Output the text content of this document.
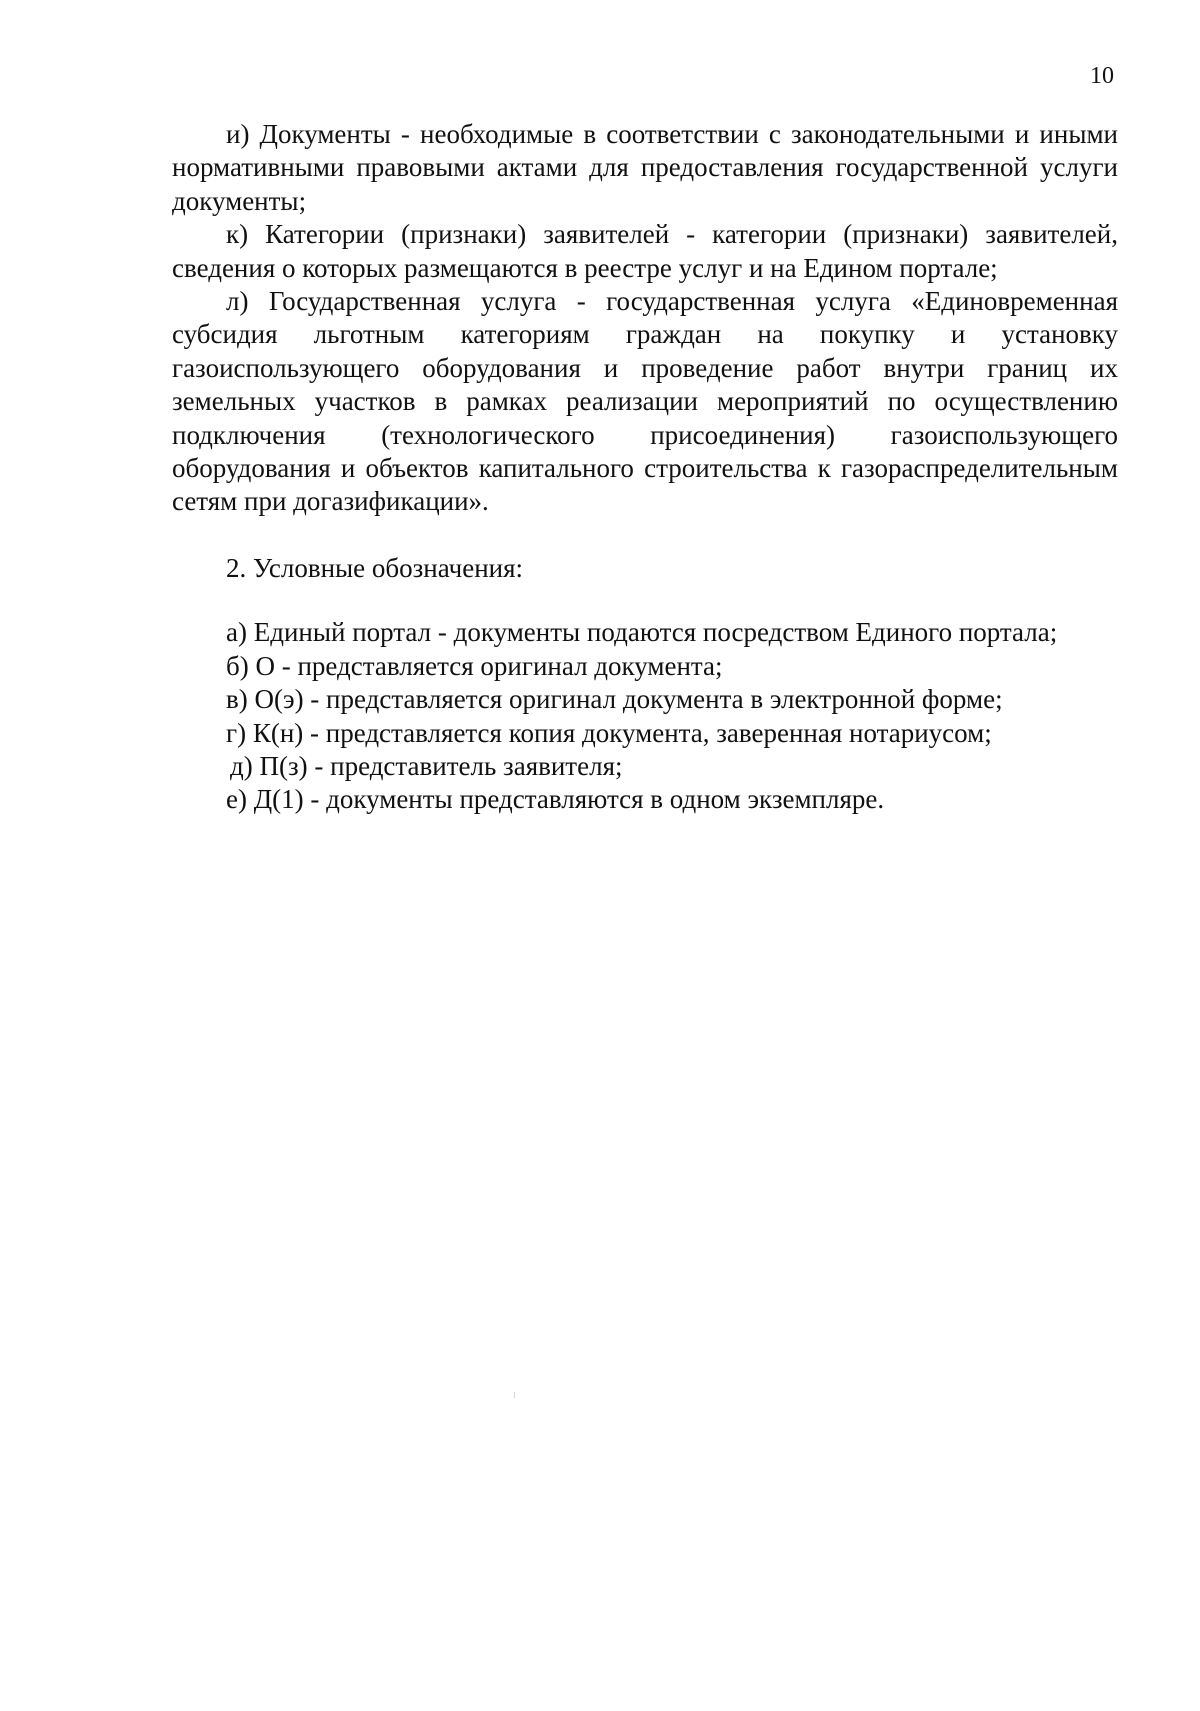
10

и) Документы - необходимые в соответствии с законодательными и иными нормативными правовыми актами для предоставления государственной услуги документы;

к) Категории (признаки) заявителей - категории (признаки) заявителей, сведения о которых размещаются в реестре услуг и на Едином портале;

л) Государственная услуга - государственная услуга «Единовременная субсидия льготным категориям граждан на покупку и установку газоиспользующего оборудования и проведение работ внутри границ их земельных участков в рамках реализации мероприятий по осуществлению подключения (технологического присоединения) газоиспользующего оборудования и объектов капитального строительства к газораспределительным сетям при догазификации».

2. Условные обозначения:

а) Единый портал - документы подаются посредством Единого портала;
б) О - представляется оригинал документа;
в) О(э) - представляется оригинал документа в электронной форме;
г) К(н) - представляется копия документа, заверенная нотариусом;
д) П(з) - представитель заявителя;
е) Д(1) - документы представляются в одном экземпляре.
